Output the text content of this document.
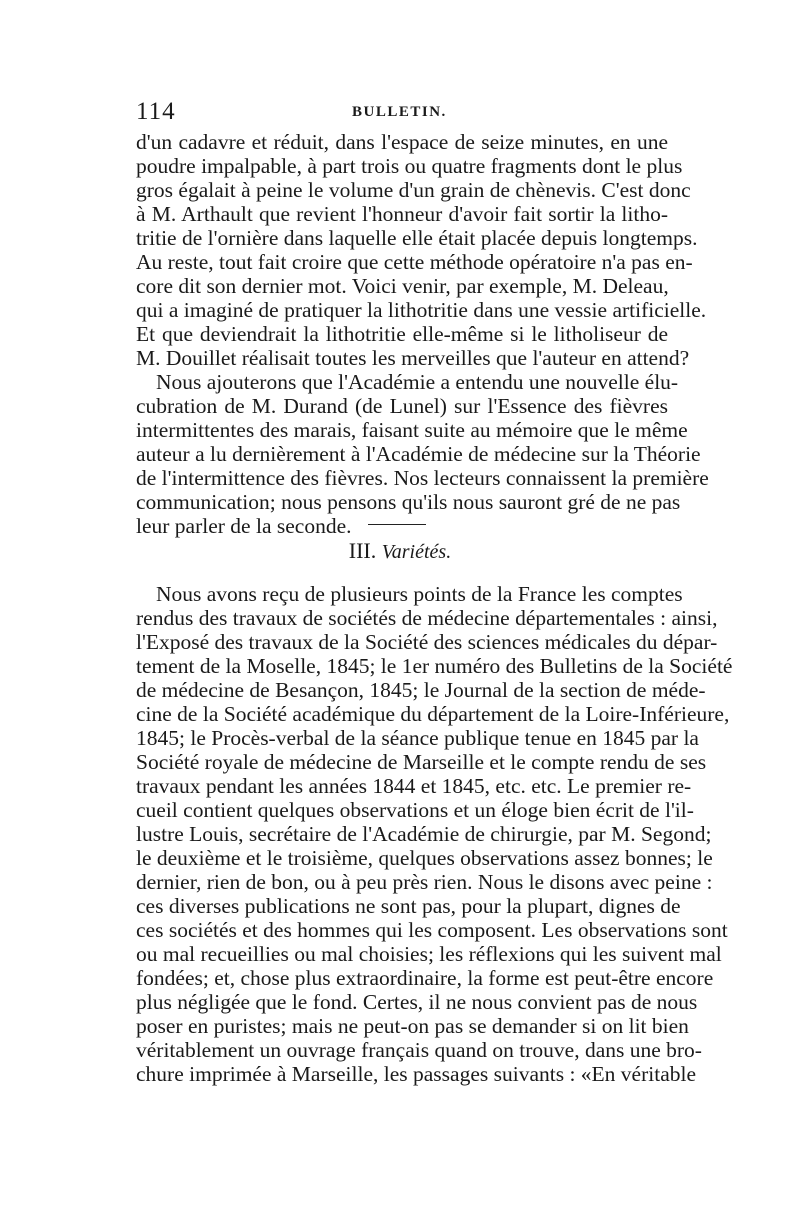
114	BULLETIN.
d'un cadavre et réduit, dans l'espace de seize minutes, en une
poudre impalpable, à part trois ou quatre fragments dont le plus
gros égalait à peine le volume d'un grain de chènevis. C'est donc
à M. Arthault que revient l'honneur d'avoir fait sortir la litho-
tritie de l'ornière dans laquelle elle était placée depuis longtemps.
Au reste, tout fait croire que cette méthode opératoire n'a pas en-
core dit son dernier mot. Voici venir, par exemple, M. Deleau,
qui a imaginé de pratiquer la lithotritie dans une vessie artificielle.
Et que deviendrait la lithotritie elle-même si le litholiseur de
M. Douillet réalisait toutes les merveilles que l'auteur en attend?
Nous ajouterons que l'Académie a entendu une nouvelle élu-
cubration de M. Durand (de Lunel) sur l'Essence des fièvres
intermittentes des marais, faisant suite au mémoire que le même
auteur a lu dernièrement à l'Académie de médecine sur la Théorie
de l'intermittence des fièvres. Nos lecteurs connaissent la première
communication; nous pensons qu'ils nous sauront gré de ne pas
leur parler de la seconde.
III. Variétés.
Nous avons reçu de plusieurs points de la France les comptes
rendus des travaux de sociétés de médecine départementales : ainsi,
l'Exposé des travaux de la Société des sciences médicales du dépar-
tement de la Moselle, 1845; le 1er numéro des Bulletins de la Société
de médecine de Besançon, 1845; le Journal de la section de méde-
cine de la Société académique du département de la Loire-Inférieure,
1845; le Procès-verbal de la séance publique tenue en 1845 par la
Société royale de médecine de Marseille et le compte rendu de ses
travaux pendant les années 1844 et 1845, etc. etc. Le premier re-
cueil contient quelques observations et un éloge bien écrit de l'il-
lustre Louis, secrétaire de l'Académie de chirurgie, par M. Segond;
le deuxième et le troisième, quelques observations assez bonnes; le
dernier, rien de bon, ou à peu près rien. Nous le disons avec peine :
ces diverses publications ne sont pas, pour la plupart, dignes de
ces sociétés et des hommes qui les composent. Les observations sont
ou mal recueillies ou mal choisies; les réflexions qui les suivent mal
fondées; et, chose plus extraordinaire, la forme est peut-être encore
plus négligée que le fond. Certes, il ne nous convient pas de nous
poser en puristes; mais ne peut-on pas se demander si on lit bien
véritablement un ouvrage français quand on trouve, dans une bro-
chure imprimée à Marseille, les passages suivants : «En véritable
